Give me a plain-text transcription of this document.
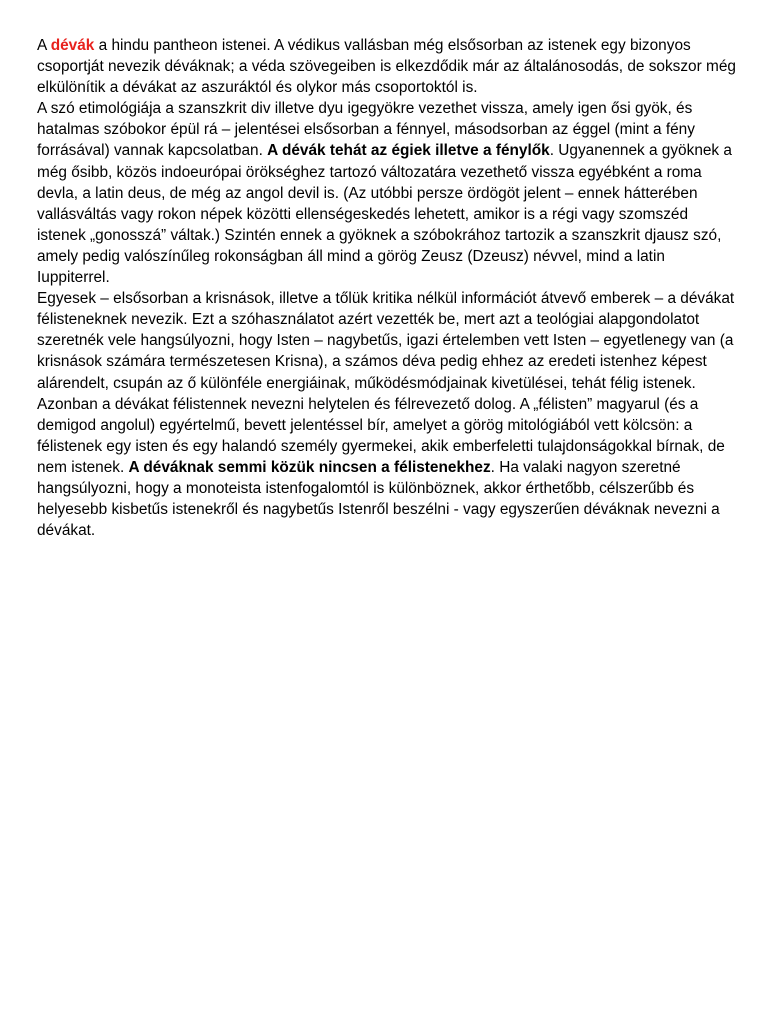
A dévák a hindu pantheon istenei. A védikus vallásban még elsősorban az istenek egy bizonyos csoportját nevezik déváknak; a véda szövegeiben is elkezdődik már az általánosodás, de sokszor még elkülönítik a dévákat az aszuráktól és olykor más csoportoktól is.

A szó etimológiája a szanszkrit div illetve dyu igegyökre vezethet vissza, amely igen ősi gyök, és hatalmas szóbokor épül rá – jelentései elsősorban a fénnyel, másodsorban az éggel (mint a fény forrásával) vannak kapcsolatban. A dévák tehát az égiek illetve a fénylők. Ugyanennek a gyöknek a még ősibb, közös indoeurópai örökséghez tartozó változatára vezethető vissza egyébként a roma devla, a latin deus, de még az angol devil is. (Az utóbbi persze ördögöt jelent – ennek hátterében vallásváltás vagy rokon népek közötti ellenségeskedés lehetett, amikor is a régi vagy szomszéd istenek „gonosszá” váltak.) Szintén ennek a gyöknek a szóbokrához tartozik a szanszkrit djausz szó, amely pedig valószínűleg rokonságban áll mind a görög Zeusz (Dzeusz) névvel, mind a latin Iuppiterrel.

Egyesek – elsősorban a krisnások, illetve a tőlük kritika nélkül információt átvevő emberek – a dévákat félisteneknek nevezik. Ezt a szóhasználatot azért vezették be, mert azt a teológiai alapgondolatot szeretnék vele hangsúlyozni, hogy Isten – nagybetűs, igazi értelemben vett Isten – egyetlenegy van (a krisnások számára természetesen Krisna), a számos déva pedig ehhez az eredeti istenhez képest alárendelt, csupán az ő különféle energiáinak, működésmódjainak kivetülései, tehát félig istenek. Azonban a dévákat félistennek nevezni helytelen és félrevezető dolog. A „félisten” magyarul (és a demigod angolul) egyértelmű, bevett jelentéssel bír, amelyet a görög mitológiából vett kölcsön: a félistenek egy isten és egy halandó személy gyermekei, akik emberfeletti tulajdonságokkal bírnak, de nem istenek. A déváknak semmi közük nincsen a félistenekhez. Ha valaki nagyon szeretné hangsúlyozni, hogy a monoteista istenfogalomtól is különböznek, akkor érthetőbb, célszerűbb és helyesebb kisbetűs istenekről és nagybetűs Istenről beszélni - vagy egyszerűen déváknak nevezni a dévákat.
